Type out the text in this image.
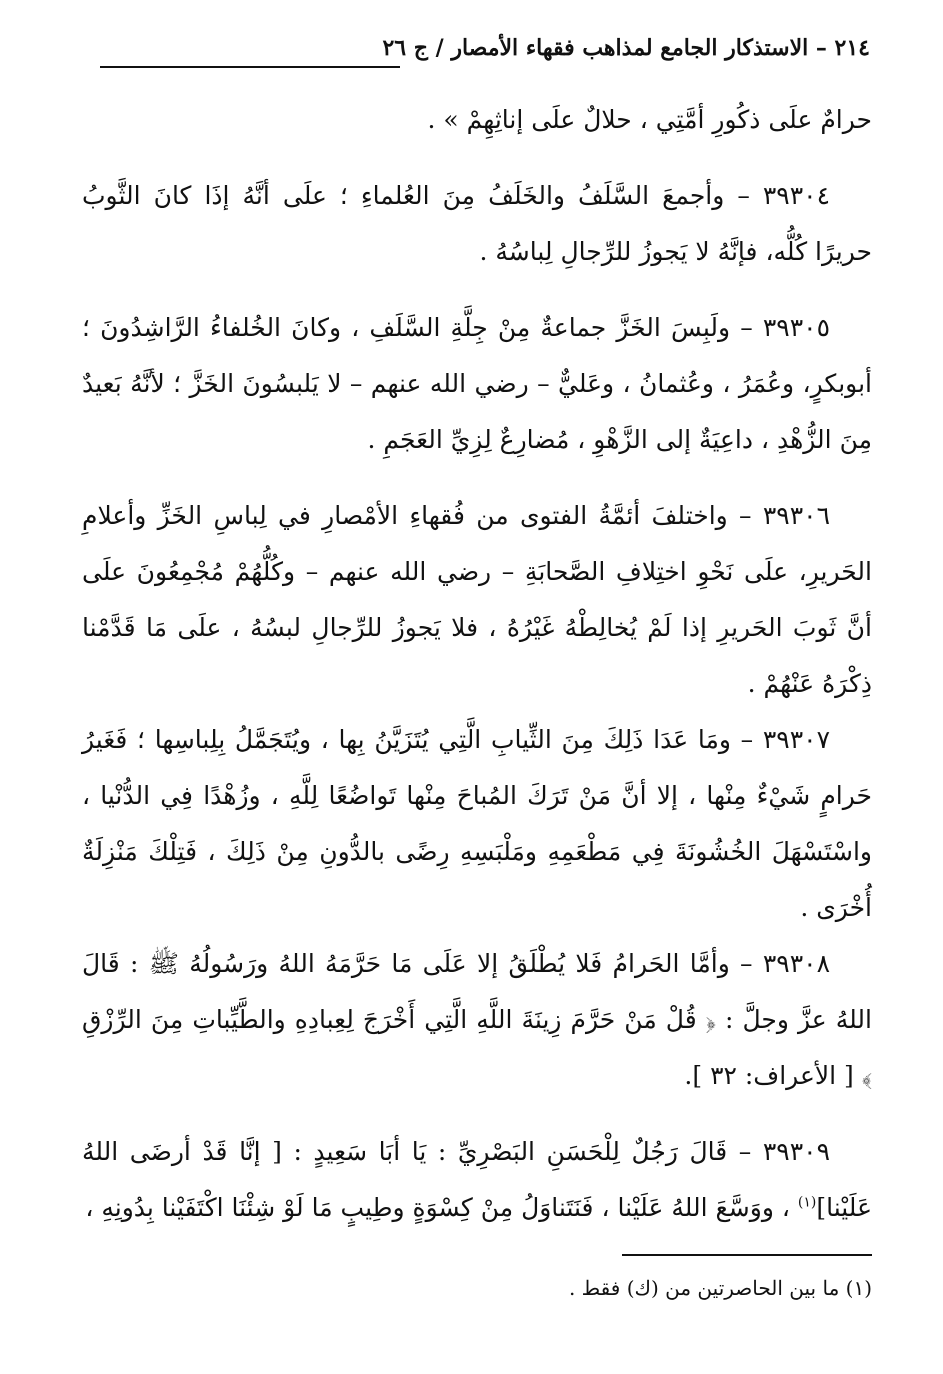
٢١٤ – الاستذكار الجامع لمذاهب فقهاء الأمصار / ج ٢٦

حرامٌ علَى ذكُورِ أمَّتِي ، حلالٌ علَى إناثِهِمْ » .

٣٩٣٠٤ – وأجمعَ السَّلَفُ والخَلَفُ مِنَ العُلماءِ ؛ علَى أنَّهُ إذَا كانَ الثَّوبُ حريرًا كُلُّه، فإنَّهُ لا يَجوزُ للرِّجالِ لِباسُهُ .

٣٩٣٠٥ – ولَبِسَ الخَزَّ جماعةٌ مِنْ جِلَّةِ السَّلَفِ ، وكانَ الخُلفاءُ الرَّاشِدُونَ ؛ أبوبكرٍ، وعُمَرُ ، وعُثمانُ ، وعَليٌّ – رضي الله عنهم – لا يَلبسُونَ الخَزَّ ؛ لأنَّهُ بَعيدٌ مِنَ الزُّهْدِ ، داعِيَةٌ إلى الزَّهْوِ ، مُضارِعٌ لِزِيِّ العَجَمِ .

٣٩٣٠٦ – واختلفَ أئمَّةُ الفتوى من فُقهاءِ الأمْصارِ في لِباسِ الخَزِّ وأعلامِ الحَريرِ، علَى نَحْوِ اختِلافِ الصَّحابَةِ – رضي الله عنهم – وكُلُّهُمْ مُجْمِعُونَ علَى أنَّ ثَوبَ الحَريرِ إذا لَمْ يُخالِطْهُ غَيْرُهُ ، فلا يَجوزُ للرِّجالِ لبسُهُ ، علَى مَا قَدَّمْنا ذِكْرَهُ عَنْهُمْ .

٣٩٣٠٧ – ومَا عَدَا ذَلِكَ مِنَ الثِّيابِ الَّتِي يُتَزَيَّنُ بِها ، ويُتَجَمَّلُ بِلِباسِها ؛ فَغَيرُ حَرامٍ شَيْءٌ مِنْها ، إلا أنَّ مَنْ تَرَكَ المُباحَ مِنْها تَواضُعًا لِلَّهِ ، وزُهْدًا فِي الدُّنْيا ، واسْتَسْهَلَ الخُشُونَةَ فِي مَطْعَمِهِ ومَلْبَسِهِ رِضًى بالدُّونِ مِنْ ذَلِكَ ، فَتِلْكَ مَنْزِلَةٌ أُخْرَى .

٣٩٣٠٨ – وأمَّا الحَرامُ فَلا يُطْلَقُ إلا عَلَى مَا حَرَّمَهُ اللهُ ورَسُولُهُ ﷺ : قَالَ اللهُ عزَّ وجلَّ : ﴿ قُلْ مَنْ حَرَّمَ زِينَةَ اللَّهِ الَّتِي أَخْرَجَ لِعِبادِهِ والطَّيِّباتِ مِنَ الرِّزْقِ ﴾ [ الأعراف: ٣٢ ].

٣٩٣٠٩ – قَالَ رَجُلٌ لِلْحَسَنِ البَصْرِيِّ : يَا أبَا سَعِيدٍ : [ إنَّا قَدْ أرضَى اللهُ عَلَيْنا]$^{(١)}$ ، ووَسَّعَ اللهُ عَلَيْنا ، فَنَتَناوَلُ مِنْ كِسْوَةٍ وطِيبٍ مَا لَوْ شِئْنَا اكْتَفَيْنا بِدُونِهِ ،

(١) ما بين الحاصرتين من (ك) فقط .
